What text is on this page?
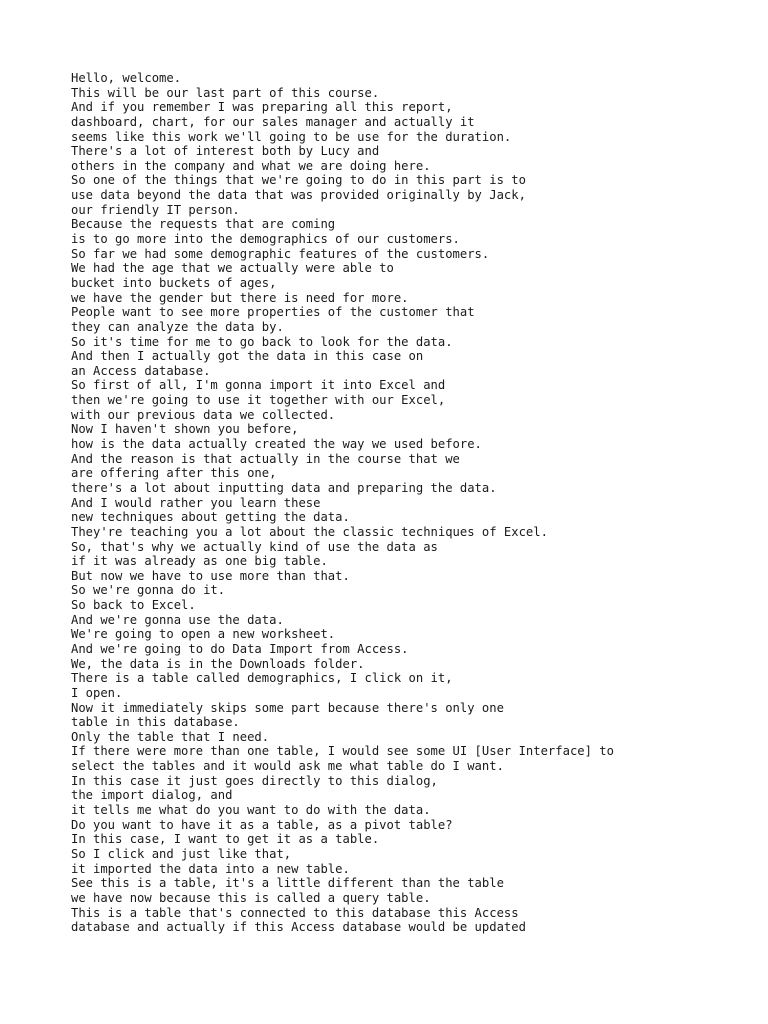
Hello, welcome.
This will be our last part of this course.
And if you remember I was preparing all this report,
dashboard, chart, for our sales manager and actually it
seems like this work we'll going to be use for the duration.
There's a lot of interest both by Lucy and
others in the company and what we are doing here.
So one of the things that we're going to do in this part is to
use data beyond the data that was provided originally by Jack,
our friendly IT person.
Because the requests that are coming
is to go more into the demographics of our customers.
So far we had some demographic features of the customers.
We had the age that we actually were able to
bucket into buckets of ages,
we have the gender but there is need for more.
People want to see more properties of the customer that
they can analyze the data by.
So it's time for me to go back to look for the data.
And then I actually got the data in this case on
an Access database.
So first of all, I'm gonna import it into Excel and
then we're going to use it together with our Excel,
with our previous data we collected.
Now I haven't shown you before,
how is the data actually created the way we used before.
And the reason is that actually in the course that we
are offering after this one,
there's a lot about inputting data and preparing the data.
And I would rather you learn these
new techniques about getting the data.
They're teaching you a lot about the classic techniques of Excel.
So, that's why we actually kind of use the data as
if it was already as one big table.
But now we have to use more than that.
So we're gonna do it.
So back to Excel.
And we're gonna use the data.
We're going to open a new worksheet.
And we're going to do Data Import from Access.
We, the data is in the Downloads folder.
There is a table called demographics, I click on it,
I open.
Now it immediately skips some part because there's only one
table in this database.
Only the table that I need.
If there were more than one table, I would see some UI [User Interface] to
select the tables and it would ask me what table do I want.
In this case it just goes directly to this dialog,
the import dialog, and
it tells me what do you want to do with the data.
Do you want to have it as a table, as a pivot table?
In this case, I want to get it as a table.
So I click and just like that,
it imported the data into a new table.
See this is a table, it's a little different than the table
we have now because this is called a query table.
This is a table that's connected to this database this Access
database and actually if this Access database would be updated
